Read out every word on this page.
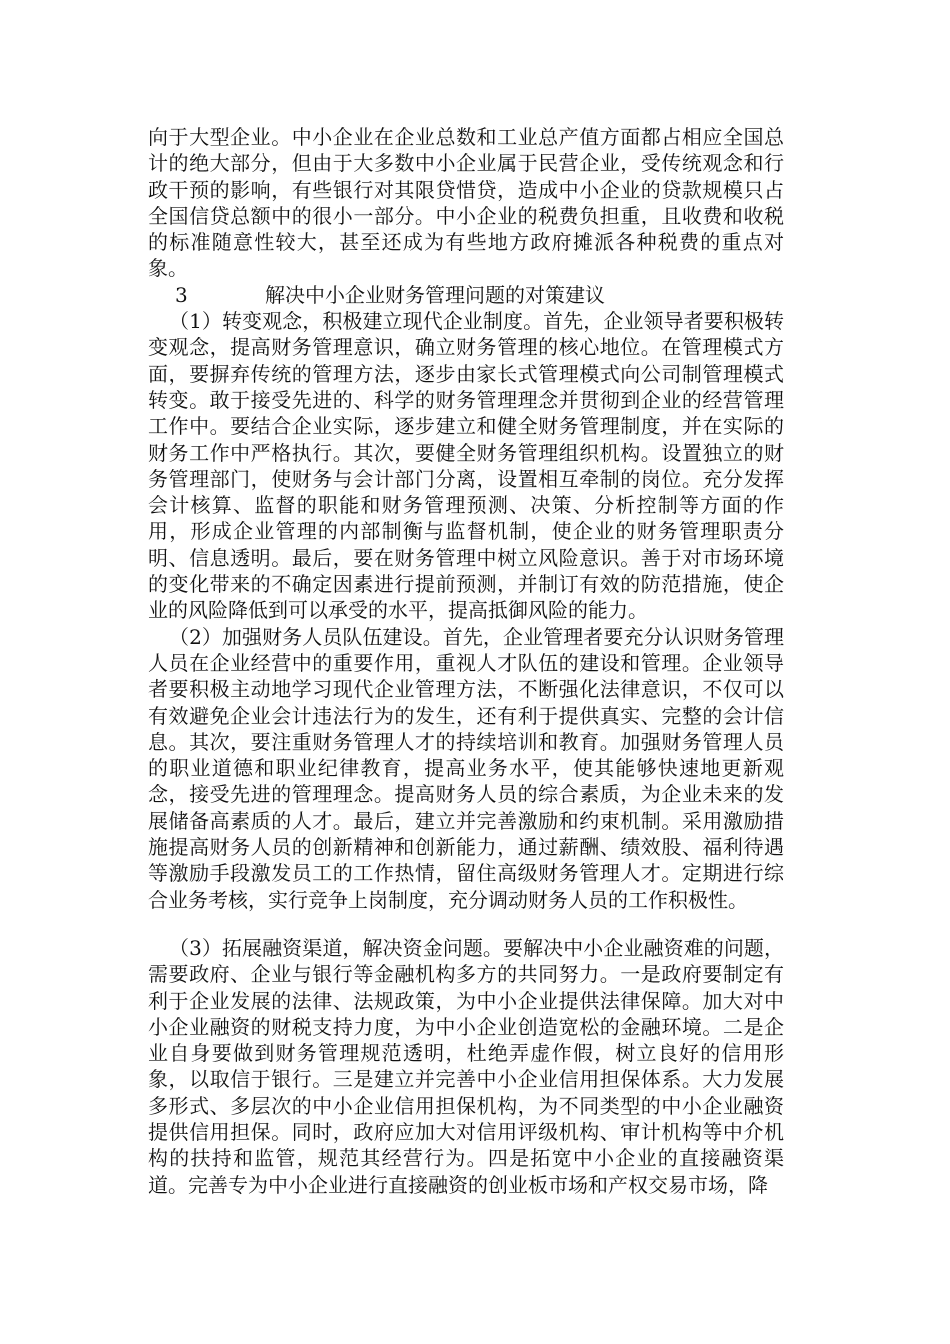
向于大型企业。中小企业在企业总数和工业总产值方面都占相应全国总计的绝大部分，但由于大多数中小企业属于民营企业，受传统观念和行政干预的影响，有些银行对其限贷惜贷，造成中小企业的贷款规模只占全国信贷总额中的很小一部分。中小企业的税费负担重，且收费和收税的标准随意性较大，甚至还成为有些地方政府摊派各种税费的重点对象。

3	解决中小企业财务管理问题的对策建议

（1）转变观念，积极建立现代企业制度。首先，企业领导者要积极转变观念，提高财务管理意识，确立财务管理的核心地位。在管理模式方面，要摒弃传统的管理方法，逐步由家长式管理模式向公司制管理模式转变。敢于接受先进的、科学的财务管理理念并贯彻到企业的经营管理工作中。要结合企业实际，逐步建立和健全财务管理制度，并在实际的财务工作中严格执行。其次，要健全财务管理组织机构。设置独立的财务管理部门，使财务与会计部门分离，设置相互牵制的岗位。充分发挥会计核算、监督的职能和财务管理预测、决策、分析控制等方面的作用，形成企业管理的内部制衡与监督机制，使企业的财务管理职责分明、信息透明。最后，要在财务管理中树立风险意识。善于对市场环境的变化带来的不确定因素进行提前预测，并制订有效的防范措施，使企业的风险降低到可以承受的水平，提高抵御风险的能力。

（2）加强财务人员队伍建设。首先，企业管理者要充分认识财务管理人员在企业经营中的重要作用，重视人才队伍的建设和管理。企业领导者要积极主动地学习现代企业管理方法，不断强化法律意识，不仅可以有效避免企业会计违法行为的发生，还有利于提供真实、完整的会计信息。其次，要注重财务管理人才的持续培训和教育。加强财务管理人员的职业道德和职业纪律教育，提高业务水平，使其能够快速地更新观念，接受先进的管理理念。提高财务人员的综合素质，为企业未来的发展储备高素质的人才。最后，建立并完善激励和约束机制。采用激励措施提高财务人员的创新精神和创新能力，通过薪酬、绩效股、福利待遇等激励手段激发员工的工作热情，留住高级财务管理人才。定期进行综合业务考核，实行竞争上岗制度，充分调动财务人员的工作积极性。

（3）拓展融资渠道，解决资金问题。要解决中小企业融资难的问题，需要政府、企业与银行等金融机构多方的共同努力。一是政府要制定有利于企业发展的法律、法规政策，为中小企业提供法律保障。加大对中小企业融资的财税支持力度，为中小企业创造宽松的金融环境。二是企业自身要做到财务管理规范透明，杜绝弄虚作假，树立良好的信用形象，以取信于银行。三是建立并完善中小企业信用担保体系。大力发展多形式、多层次的中小企业信用担保机构，为不同类型的中小企业融资提供信用担保。同时，政府应加大对信用评级机构、审计机构等中介机构的扶持和监管，规范其经营行为。四是拓宽中小企业的直接融资渠道。完善专为中小企业进行直接融资的创业板市场和产权交易市场，降
